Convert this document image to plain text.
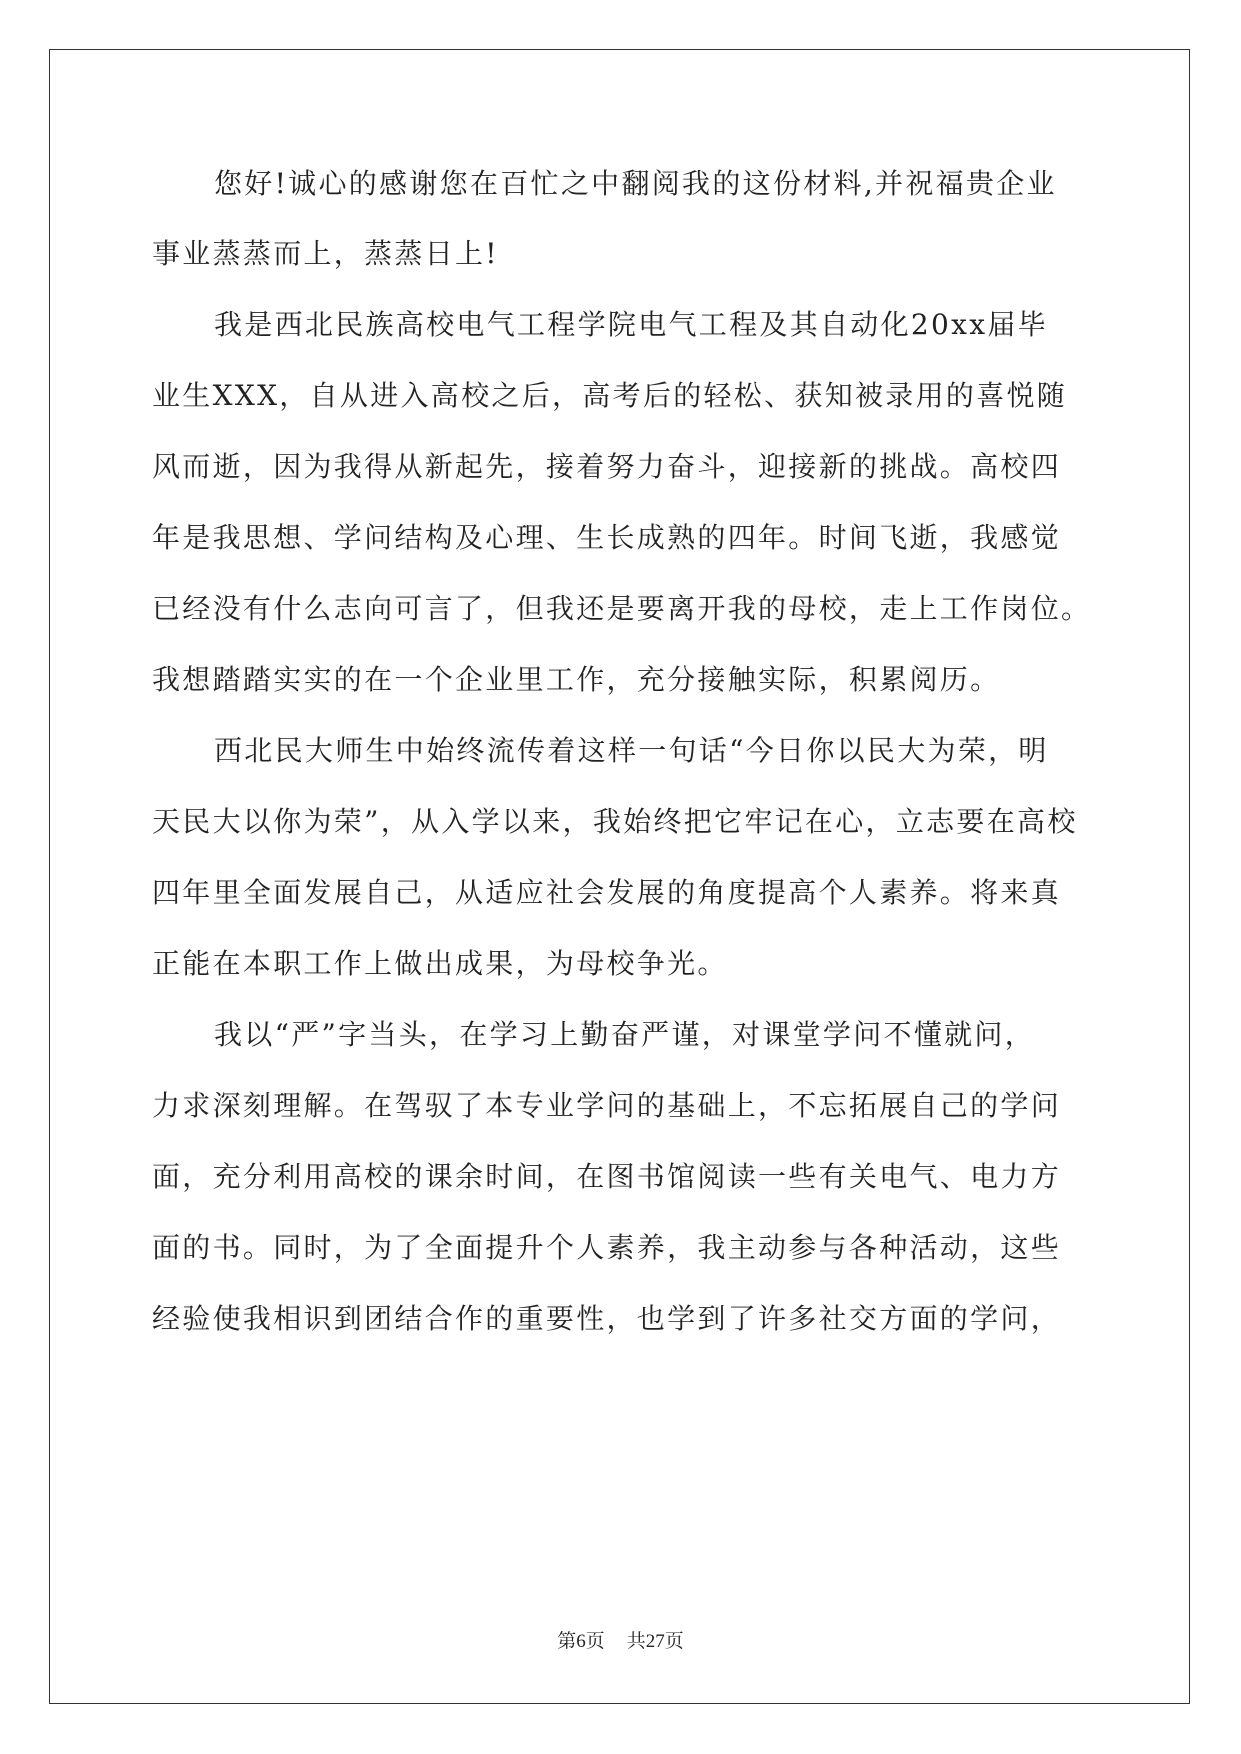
您好!诚心的感谢您在百忙之中翻阅我的这份材料,并祝福贵企业
事业蒸蒸而上，蒸蒸日上!
我是西北民族高校电气工程学院电气工程及其自动化20xx届毕
业生XXX，自从进入高校之后，高考后的轻松、获知被录用的喜悦随
风而逝，因为我得从新起先，接着努力奋斗，迎接新的挑战。高校四
年是我思想、学问结构及心理、生长成熟的四年。时间飞逝，我感觉
已经没有什么志向可言了，但我还是要离开我的母校，走上工作岗位。
我想踏踏实实的在一个企业里工作，充分接触实际，积累阅历。
西北民大师生中始终流传着这样一句话“今日你以民大为荣，明
天民大以你为荣”，从入学以来，我始终把它牢记在心，立志要在高校
四年里全面发展自己，从适应社会发展的角度提高个人素养。将来真
正能在本职工作上做出成果，为母校争光。
我以“严”字当头，在学习上勤奋严谨，对课堂学问不懂就问，
力求深刻理解。在驾驭了本专业学问的基础上，不忘拓展自己的学问
面，充分利用高校的课余时间，在图书馆阅读一些有关电气、电力方
面的书。同时，为了全面提升个人素养，我主动参与各种活动，这些
经验使我相识到团结合作的重要性，也学到了许多社交方面的学问，
第6页 共27页
